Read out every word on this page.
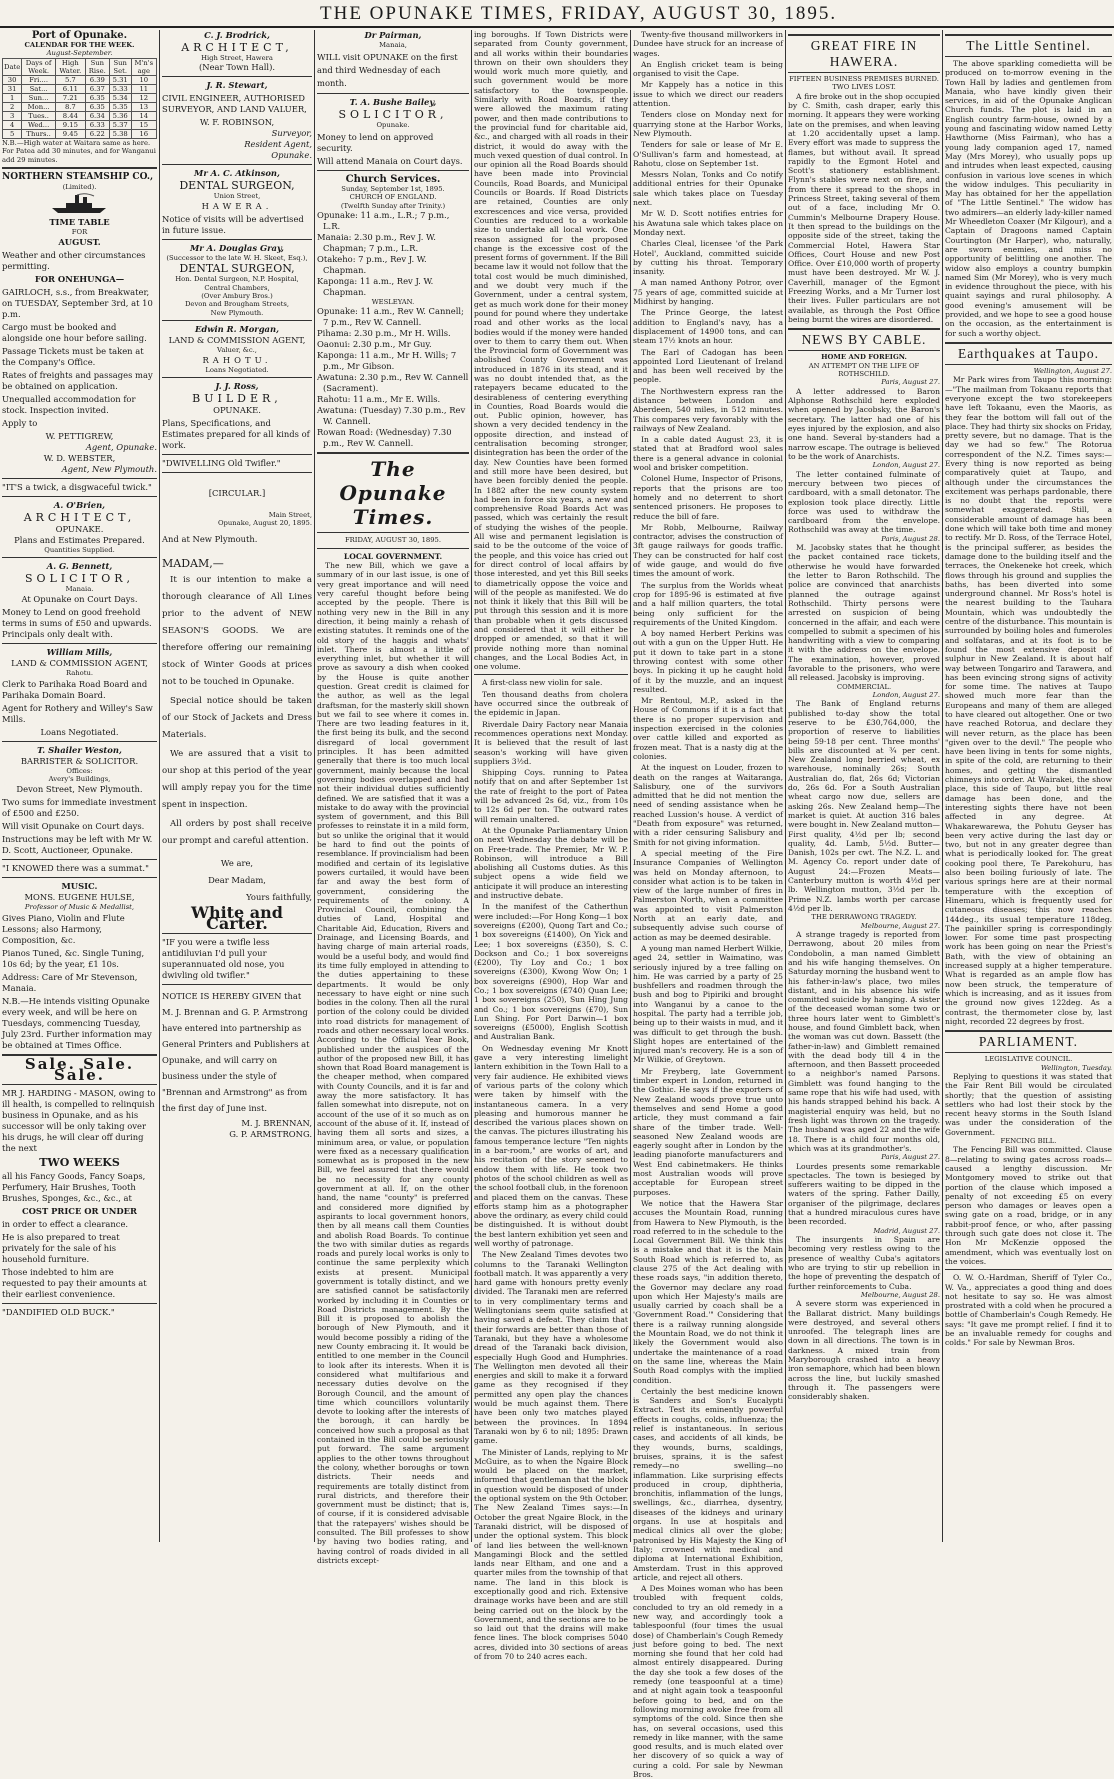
THE OPUNAKE TIMES, FRIDAY, AUGUST 30, 1895.
Port of Opunake.
CALENDAR FOR THE WEEK.
August-September.
Date	Days of Week.	High Water.	Sun Rise.	Sun Set.	M'n's age
30	Fri....	5.7	6.39	5.31	10
31	Sat...	6.11	6.37	5.33	11
1	Sun...	7.21	6.35	5.34	12
2	Mon...	8.7	6.35	5.35	13
3	Tues..	8.44	6.34	5.36	14
4	Wed...	9.15	6.33	5.37	15
5	Thurs..	9.45	6.22	5.38	16
N.B.—High water at Waitara same as here. For Patea add 30 minutes, and for Wanganui add 29 minutes.
NORTHERN STEAMSHIP CO.,
(Limited).
TIME TABLE
FOR
AUGUST.

Weather and other circumstances permitting.

FOR ONEHUNGA—

GAIRLOCH, s.s., from Breakwater, on TUESDAY, September 3rd, at 10 p.m.

Cargo must be booked and alongside one hour before sailing.

Passage Tickets must be taken at the Company's Office.

Rates of freights and passages may be obtained on application.

Unequalled accommodation for stock. Inspection invited.

Apply to

W. PETTIGREW,
Agent, Opunake.
W. D. WEBSTER,
Agent, New Plymouth.

"IT'S a twick, a disgwaceful twick."

A. O'Brien,
ARCHITECT,
OPUNAKE.
Plans and Estimates Prepared.
Quantities Supplied.
A. G. Bennett,
SOLICITOR,
Manaia.
At Opunake on Court Days.

Money to Lend on good freehold terms in sums of £50 and upwards. Principals only dealt with.

William Mills,
LAND & COMMISSION AGENT,
Rahotu.

Clerk to Parihaka Road Board and Parihaka Domain Board.

Agent for Rothery and Willey's Saw Mills.

Loans Negotiated.
T. Shailer Weston,
BARRISTER & SOLICITOR.
Offices:
Avery's Buildings,
Devon Street, New Plymouth.

Two sums for immediate investment of £500 and £250.

Will visit Opunake on Court days.

Instructions may be left with Mr W. D. Scott, Auctioneer, Opunake.

"I KNOWED there was a summat."

MUSIC.
MONS. EUGENE HULSE,
Professor of Music & Medallist,

Gives Piano, Violin and Flute Lessons; also Harmony, Composition, &c.

Pianos Tuned, &c. Single Tuning, 10s 6d; by the year, £1 10s.

Address: Care of Mr Stevenson, Manaia.

N.B.—He intends visiting Opunake every week, and will be here on Tuesdays, commencing Tuesday, July 23rd. Further information may be obtained at Times Office.

Sale. Sale. Sale.

MR J. HARDING - MASON, owing to ill health, is compelled to relinquish business in Opunake, and as his successor will be only taking over his drugs, he will clear off during the next

TWO WEEKS

all his Fancy Goods, Fancy Soaps, Perfumery, Hair Brushes, Tooth Brushes, Sponges, &c., &c., at

COST PRICE OR UNDER

in order to effect a clearance.

He is also prepared to treat privately for the sale of his household furniture.

Those indebted to him are requested to pay their amounts at their earliest convenience.

"DANDIFIED OLD BUCK."

C. J. Brodrick,
ARCHITECT,
High Street, Hawera
(Near Town Hall).
J. R. Stewart,

CIVIL ENGINEER, AUTHORISED SURVEYOR, AND LAND VALUER,

W. F. ROBINSON,
Surveyor,
Resident Agent,
Opunake.
Mr A. C. Atkinson,
DENTAL SURGEON,
Union Street,
HAWERA.

Notice of visits will be advertised in future issue.

Mr A. Douglas Gray,
(Successor to the late W. H. Skeet, Esq.),
DENTAL SURGEON,
Hon. Dental Surgeon, N.P. Hospital,
Central Chambers,
(Over Ambury Bros.)
Devon and Brougham Streets,
New Plymouth.
Edwin R. Morgan,
LAND & COMMISSION AGENT,
Valuer, &c.,
RAHOTU.
Loans Negotiated.
J. J. Ross,
BUILDER,
OPUNAKE.

Plans, Specifications, and Estimates prepared for all kinds of work.

"DWIVELLING Old Twifler."

[CIRCULAR.]
Main Street,
Opunake, August 20, 1895.
And at New Plymouth.
MADAM,—

It is our intention to make a thorough clearance of All Lines prior to the advent of NEW SEASON'S GOODS. We are therefore offering our remaining stock of Winter Goods at prices not to be touched in Opunake.

Special notice should be taken of our Stock of Jackets and Dress Materials.

We are assured that a visit to our shop at this period of the year will amply repay you for the time spent in inspection.

All orders by post shall receive our prompt and careful attention.

We are,
Dear Madam,
Yours faithfully,
White and Carter.

"IF you were a twifle less antidiluvian I'd pull your superannuated old nose, you dwivling old twifler."

NOTICE IS HEREBY GIVEN that M. J. Brennan and G. P. Armstrong have entered into partnership as General Printers and Publishers at Opunake, and will carry on business under the style of "Brennan and Armstrong" as from the first day of June inst.

M. J. BRENNAN,
G. P. ARMSTRONG.
Dr Pairman,
Manaia,

WILL visit OPUNAKE on the first and third Wednesday of each month.

T. A. Bushe Bailey,
SOLICITOR,
Opunake.

Money to lend on approved security.

Will attend Manaia on Court days.

Church Services.
Sunday, September 1st, 1895.
CHURCH OF ENGLAND.
(Twelfth Sunday after Trinity.)
Opunake: 11 a.m., L.R.; 7 p.m., L.R.
Manaia: 2.30 p.m., Rev J. W. Chapman; 7 p.m., L.R.
Otakeho: 7 p.m., Rev J. W. Chapman.
Kaponga: 11 a.m., Rev J. W. Chapman.
WESLEYAN.
Opunake: 11 a.m., Rev W. Cannell; 7 p.m., Rev W. Cannell.
Pihama: 2.30 p.m., Mr H. Wills.
Oaonui: 2.30 p.m., Mr Guy.
Kaponga: 11 a.m., Mr H. Wills; 7 p.m., Mr Gibson.
Awatuna: 2.30 p.m., Rev W. Cannell (Sacrament).
Rahotu: 11 a.m., Mr E. Wills.
Awatuna: (Tuesday) 7.30 p.m., Rev W. Cannell.
Rowan Road: (Wednesday) 7.30 p.m., Rev W. Cannell.
The Opunake Times.
FRIDAY, AUGUST 30, 1895.
LOCAL GOVERNMENT.

The new Bill, which we gave a summary of in our last issue, is one of very great importance and will need very careful thought before being accepted by the people. There is nothing very new in the Bill in any direction, it being mainly a rehash of existing statutes. It reminds one of the old story of the haggis and whats' inlet. There is almost a little of everything inlet, but whether it will prove as savoury a dish when cooked by the House is quite another question. Great credit is claimed for the author, as well as the legal draftsman, for the masterly skill shown but we fail to see where it comes in. There are two leading features in it, the first being its bulk, and the second disregard of local government principles. It has been admitted generally that there is too much local government, mainly because the local governing bodies overlapped and had not their individual duties sufficiently defined. We are satisfied that it was a mistake to do away with the provincial system of government, and this Bill professes to reinstate it in a mild form, but so unlike the original that it would be hard to find out the points of resemblance. If provincialism had been modified and certain of its legislative powers curtailed, it would have been far and away the best form of government, considering the requirements of the colony. A Provincial Council, combining the duties of Land, Hospital and Charitable Aid, Education, Rivers and Drainage, and Licensing Boards, and having charge of main arterial roads, would be a useful body, and would find its time fully employed in attending to the duties appertaining to these departments. It would be only necessary to have eight or nine such bodies in the colony. Then all the rural portion of the colony could be divided into road districts for management of roads and other necessary local works. According to the Official Year Book, published under the auspices of the author of the proposed new Bill, it has shown that Road Board management is the cheaper method, when compared with County Councils, and it is far and away the more satisfactory. It has fallen somewhat into disrepute, not on account of the use of it so much as on account of the abuse of it. If, instead of having them all sorts and sizes, a minimum area, or value, or population were fixed as a necessary qualification somewhat as is proposed in the new Bill, we feel assured that there would be no necessity for any county government at all. If, on the other hand, the name "county" is preferred and considered more dignified by aspirants to local government honors, then by all means call them Counties and abolish Road Boards. To continue the two with similar duties as regards roads and purely local works is only to continue the same perplexity which exists at present. Municipal government is totally distinct, and we are satisfied cannot be satisfactorily worked by including it in Counties or Road Districts management. By the Bill it is proposed to abolish the borough of New Plymouth, and it would become possibly a riding of the new County embracing it. It would be entitled to one member in the Council to look after its interests. When it is considered what multifarious and necessary duties devolve on the Borough Council, and the amount of time which councillors voluntarily devote to looking after the interests of the borough, it can hardly be conceived how such a proposal as that contained in the Bill could be seriously put forward. The same argument applies to the other towns throughout the colony, whether boroughs or town districts. Their needs and requirements are totally distinct from rural districts, and therefore their government must be distinct; that is, of course, if it is considered advisable that the ratepayers' wishes should be consulted. The Bill professes to show by having two bodies rating, and having control of roads divided in all districts except-

ing boroughs. If Town Districts were separated from County government, and all works within their boundaries thrown on their own shoulders they would work much more quietly, and such government would be more satisfactory to the townspeople. Similarly with Road Boards, if they were allowed the maximum rating power, and then made contributions to the provincial fund for charitable aid, &c., and charged with all roads in their district, it would do away with the much vexed question of dual control. In our opinion all the Road Boards should have been made into Provincial Councils, Road Boards, and Municipal Councils or Boards. If Road Districts are retained, Counties are only excrescences and vice versa, provided Counties are reduced to a workable size to undertake all local work. One reason assigned for the proposed change is the excessive cost of the present forms of government. If the Bill became law it would not follow that the total cost would be much diminished, and we doubt very much if the Government, under a central system, get as much work done for their money pound for pound where they undertake road and other works as the local bodies would if the money were handed over to them to carry them out. When the Provincial form of Government was abolished County Government was introduced in 1876 in its stead, and it was no doubt intended that, as the ratepayers became educated to the desirableness of centering everything in Counties, Road Boards would die out. Public opinion, however, has shown a very decided tendency in the opposite direction, and instead of centralisation becoming stronger, disintegration has been the order of the day. New Counties have been formed and still more have been desired, but have been forcibly denied the people. In 1882 after the new county system had been in force six years, a new and comprehensive Road Boards Act was passed, which was certainly the result of studying the wishes of the people. All wise and permanent legislation is said to be the outcome of the voice of the people, and this voice has cried out for direct control of local affairs by those interested, and yet this Bill seeks to diametrically oppose the voice and will of the people as manifested. We do not think it likely that this Bill will be put through this session and it is more than probable when it gets discussed and considered that it will either be dropped or amended, so that it will provide nothing more than nominal changes, and the Local Bodies Act, in one volume.

A first-class new violin for sale.

Ten thousand deaths from cholera have occurred since the outbreak of the epidemic in Japan.

Riverdale Dairy Factory near Manaia recommences operations next Monday. It is believed that the result of last season's working will have given suppliers 3½d.

Shipping Coys. running to Patea notify that on and after September 1st the rate of freight to the port of Patea will be advanced 2s 6d, viz., from 10s to 12s 6d per ton. The outward rates will remain unaltered.

At the Opunake Parliamentary Union on next Wednesday the debate will be on Free-trade. The Premier, Mr W. P. Robinson, will introduce a Bill abolishing all Customs duties. As this subject opens a wide field we anticipate it will produce an interesting and instructive debate.

In the manifest of the Catherthun were included:—For Hong Kong—1 box sovereigns (£200), Quong Tart and Co.; 1 box sovereigns (£1400), On Yick and Lee; 1 box sovereigns (£350), S. C. Dockson and Co.; 1 box sovereigns (£200), Tiy Loy and Co.; 1 box sovereigns (£300), Kwong Wow On; 1 box sovereigns (£900), Hop War and Co.; 1 box sovereigns (£740) Quan Lee; 1 box sovereigns (250), Sun Hing Jung and Co.; 1 box sovereigns (£70), Sun Lun Shing. For Port Darwin—1 box sovereigns (£5000), English Scottish and Australian Bank.

On Wednesday evening Mr Knott gave a very interesting limelight lantern exhibition in the Town Hall to a very fair audience. He exhibited views of various parts of the colony which were taken by himself with the instantaneous camera. In a very pleasing and humorous manner he described the various places shown on the canvas. The pictures illustrating his famous temperance lecture "Ten nights in a bar-room," are works of art, and his recitation of the story seemed to endow them with life. He took two photos of the school children as well as the school football club, in the forenoon and placed them on the canvas. These efforts stamp him as a photographer above the ordinary, as every child could be distinguished. It is without doubt the best lantern exhibition yet seen and well worthy of patronage.

The New Zealand Times devotes two columns to the Taranaki Wellington football match. It was apparently a very hard game with honours pretty evenly divided. The Taranaki men are referred to in very complimentary terms and Wellingtonians seem quite satisfied at having saved a defeat. They claim that their forwards are better than those of Taranaki, but they have a wholesome dread of the Taranaki back division, especially Hugh Good and Humphries. The Wellington men devoted all their energies and skill to make it a forward game as they recognised if they permitted any open play the chances would be much against them. There have been only two matches played between the provinces. In 1894 Taranaki won by 6 to nil; 1895: Drawn game.

The Minister of Lands, replying to Mr McGuire, as to when the Ngaire Block would be placed on the market, informed that gentleman that the block in question would be disposed of under the optional system on the 9th October. The New Zealand Times says:—In October the great Ngaire Block, in the Taranaki district, will be disposed of under the optional system. This block of land lies between the well-known Mangamingi Block and the settled lands near Eltham, and one and a quarter miles from the township of that name. The land in this block is exceptionally good and rich. Extensive drainage works have been and are still being carried out on the block by the Government, and the sections are to be so laid out that the drains will make fence lines. The block comprises 5040 acres, divided into 30 sections of areas of from 70 to 240 acres each.

Twenty-five thousand millworkers in Dundee have struck for an increase of wages.

An English cricket team is being organised to visit the Cape.

Mr Kappely has a notice in this issue to which we direct our readers attention.

Tenders close on Monday next for quarrying stone at the Harbor Works, New Plymouth.

Tenders for sale or lease of Mr E. O'Sullivan's farm and homestead, at Rahotu, close on September 1st.

Messrs Nolan, Tonks and Co notify additional entries for their Opunake sale which takes place on Tuesday next.

Mr W. D. Scott notifies entries for his Awatuna sale which takes place on Monday next.

Charles Cleal, licensee 'of the Park Hotel', Auckland, committed suicide by cutting his throat. Temporary insanity.

A man named Anthony Potror, over 75 years of age, committed suicide at Midhirst by hanging.

The Prince George, the latest addition to England's navy, has a displacement of 14900 tons, and can steam 17½ knots an hour.

The Earl of Cadogan has been appointed Lord Lieutenant of Ireland and has been well received by the people.

The Northwestern express ran the distance between London and Aberdeen, 540 miles, in 512 minutes. This compares very favorably with the railways of New Zealand.

In a cable dated August 23, it is stated that at Bradford wool sales there is a general advance in colonial wool and brisker competition.

Colonel Hume, Inspector of Prisons, reports that the prisons are too homely and no deterrent to short sentenced prisoners. He proposes to reduce the bill of fare.

Mr Robb, Melbourne, Railway contractor, advises the construction of 3ft gauge railways for goods traffic. They can be constructed for half cost of wide gauge, and would do five times the amount of work.

The surplus from the Worlds wheat crop for 1895-96 is estimated at five and a half million quarters, the total being only sufficient for the requirements of the United Kingdom.

A boy named Herbert Perkins was out with a gun on the Upper Hutt. He put it down to take part in a stone throwing contest with some other boys. In picking it up he caught hold of it by the muzzle, and an inquest resulted.

Mr Rentoul, M.P., asked in the House of Commons if it is a fact that there is no proper supervision and inspection exercised in the colonies over cattle killed and exported as frozen meat. That is a nasty dig at the colonies.

At the inquest on Louder, frozen to death on the ranges at Waitaranga, Salisbury, one of the survivors admitted that he did not mention the need of sending assistance when he reached Lussion's house. A verdict of "Death from exposure" was returned, with a rider censuring Salisbury and Smith for not giving information.

A special meeting of the Fire Insurance Companies of Wellington was held on Monday afternoon, to consider what action is to be taken in view of the large number of fires in Palmerston North, when a committee was appointed to visit Palmerston North at an early date, and subsequently advise such course of action as may be deemed desirable.

A young man named Herbert Wilkie, aged 24, settler in Waimatino, was seriously injured by a tree falling on him. He was carried by a party of 25 bushfellers and roadmen through the bush and bog to Pipiriki and brought into Wanganui by a canoe to the hospital. The party had a terrible job, being up to their waists in mud, and it was difficult to get through the bush. Slight hopes are entertained of the injured man's recovery. He is a son of Mr Wilkie, of Greytown.

Mr Freyberg, late Government timber expert in London, returned in the Gothic. He says if the exporters of New Zealand woods prove true unto themselves and send Home a good article, they must command a fair share of the timber trade. Well-seasoned New Zealand woods are eagerly sought after in London by the leading pianoforte manufacturers and West End cabinetmakers. He thinks most Australian woods will prove acceptable for European street purposes.

We notice that the Hawera Star accuses the Mountain Road, running from Hawera to New Plymouth, is the road referred to in the schedule to the Local Government Bill. We think this is a mistake and that it is the Main South Road which is referred to, as clause 275 of the Act dealing with these roads says, "in addition thereto, the Governor may declare any road upon which Her Majesty's mails are usually carried by coach shall be a 'Government Road.'" Considering that there is a railway running alongside the Mountain Road, we do not think it likely the Government would also undertake the maintenance of a road on the same line, whereas the Main South Road complys with the implied condition.

Certainly the best medicine known is Sanders and Son's Eucalypti Extract. Test its eminently powerful effects in coughs, colds, influenza; the relief is instantaneous. In serious cases, and accidents of all kinds, be they wounds, burns, scaldings, bruises, sprains, it is the safest remedy—no swelling—no inflammation. Like surprising effects produced in croup, diphtheria, bronchitis, inflammation of the lungs, swellings, &c., diarrhea, dysentry, diseases of the kidneys and urinary organs. In use at hospitals and medical clinics all over the globe; patronised by His Majesty the King of Italy; crowned with medical and diploma at International Exhibition, Amsterdam. Trust in this approved article, and reject all others.

A Des Moines woman who has been troubled with frequent colds, concluded to try an old remedy in a new way, and accordingly took a tablespoonful (four times the usual dose) of Chamberlain's Cough Remedy just before going to bed. The next morning she found that her cold had almost entirely disappeared. During the day she took a few doses of the remedy (one teaspoonful at a time) and at night again took a teaspoonful before going to bed, and on the following morning awoke free from all symptoms of the cold. Since then she has, on several occasions, used this remedy in like manner, with the same good results, and is much elated over her discovery of so quick a way of curing a cold. For sale by Newman Bros.

GREAT FIRE IN HAWERA.
FIFTEEN BUSINESS PREMISES BURNED.
TWO LIVES LOST.

A fire broke out in the shop occupied by C. Smith, cash draper, early this morning. It appears they were working late on the premises, and when leaving at 1.20 accidentally upset a lamp. Every effort was made to suppress the flames, but without avail. It spread rapidly to the Egmont Hotel and Scott's stationery establishment. Flynn's stables were next on fire, and from there it spread to the shops in Princess Street, taking several of them out of a face, including Mr O. Cummin's Melbourne Drapery House. It then spread to the buildings on the opposite side of the street, taking the Commercial Hotel, Hawera Star Offices, Court House and new Post Office. Over £10,000 worth of property must have been destroyed. Mr W. J. Caverhill, manager of the Egmont Freezing Works, and a Mr Turner lost their lives. Fuller particulars are not available, as through the Post Office being burnt the wires are disordered.

NEWS BY CABLE.
HOME AND FOREIGN.
AN ATTEMPT ON THE LIFE OF ROTHSCHILD.
Paris, August 27.

A letter addressed to Baron Alphonse Rothschild here exploded when opened by Jacobsky, the Baron's secretary. The latter had one of his eyes injured by the explosion, and also one hand. Several by-standers had a narrow escape. The outrage is believed to be the work of Anarchists.

London, August 27.

The letter contained fulminate of mercury between two pieces of cardboard, with a small detonator. The explosion took place directly. Little force was used to withdraw the cardboard from the envelope. Rothschild was away at the time.

Paris, August 28.

M. Jacobsky states that he thought the packet contained race tickets, otherwise he would have forwarded the letter to Baron Rothschild. The police are convinced that anarchists planned the outrage against Rothschild. Thirty persons were arrested on suspicion of being concerned in the affair, and each were compelled to submit a specimen of his handwriting with a view to comparing it with the address on the envelope. The examination, however, proved favorable to the prisoners, who were all released. Jacobsky is improving.

COMMERCIAL.
London, August 27.

The Bank of England returns published to-day show the total reserve to be £30,764,000, the proportion of reserve to liabilities being 59·18 per cent. Three months' bills are discounted at ¾ per cent. New Zealand long berried wheat, ex warehouse, nominally 26s; South Australian do, flat, 26s 6d; Victorian do, 26s 6d. For a South Australian wheat cargo now due, sellers are asking 26s. New Zealand hemp—The market is quiet. At auction 316 bales were bought in. New Zealand mutton—First quality, 4½d per lb; second quality, 4d. Lamb, 5½d. Butter—Danish, 102s per cwt. The N.Z. L. and M. Agency Co. report under date of August 24:—Frozen Meats—Canterbury mutton is worth 4½d per lb. Wellington mutton, 3½d per lb. Prime N.Z. lambs worth per carcase 4½d per lb.

THE DERRAWONG TRAGEDY.
Melbourne, August 27.

A strange tragedy is reported from Derrawong, about 20 miles from Condobolin, a man named Gimblett and his wife hanging themselves. On Saturday morning the husband went to his father-in-law's place, two miles distant, and in his absence his wife committed suicide by hanging. A sister of the deceased woman some two or three hours later went to Gimblett's house, and found Gimblett back, when the woman was cut down. Bassett (the father-in-law) and Gimblett remained with the dead body till 4 in the afternoon, and then Bassett proceeded to a neighbor's named Parsons. Gimblett was found hanging to the same rope that his wife had used, with his hands strapped behind his back. A magisterial enquiry was held, but no fresh light was thrown on the tragedy. The husband was aged 22 and the wife 18. There is a child four months old, which was at its grandmother's.

Paris, August 27.

Lourdes presents some remarkable spectacles. The town is besieged by sufferers waiting to be dipped in the waters of the spring. Father Dailly, organiser of the pilgrimage, declares that a hundred miraculous cures have been recorded.

Madrid, August 27.

The insurgents in Spain are becoming very restless owing to the presence of wealthy Cuba's agitators who are trying to stir up rebellion in the hope of preventing the despatch of further reinforcements to Cuba.

Melbourne, August 28.

A severe storm was experienced in the Ballarat district. Many buildings were destroyed, and several others unroofed. The telegraph lines are down in all directions. The town is in darkness. A mixed train from Maryborough crashed into a heavy iron semaphore, which had been blown across the line, but luckily smashed through it. The passengers were considerably shaken.

The Little Sentinel.

The above sparkling comedietta will be produced on to-morrow evening in the Town Hall by ladies and gentlemen from Manaia, who have kindly given their services, in aid of the Opunake Anglican Church funds. The plot is laid in an English country farm-house, owned by a young and fascinating widow named Letty Hawthorne (Miss Fairman), who has a young lady companion aged 17, named May (Mrs Morey), who usually pops up and intrudes when least expected, causing confusion in various love scenes in which the widow indulges. This peculiarity in May has obtained for her the appellation of "The Little Sentinel." The widow has two admirers—an elderly lady-killer named Mr Wheedleton Coaxer (Mr Kilgour), and a Captain of Dragoons named Captain Courtington (Mr Harper), who, naturally, are sworn enemies, and miss no opportunity of belittling one another. The widow also employs a country bumpkin named Sim (Mr Morey), who is very much in evidence throughout the piece, with his quaint sayings and rural philosophy. A good evening's amusement will be provided, and we hope to see a good house on the occasion, as the entertainment is for such a worthy object.

Earthquakes at Taupo.
Wellington, August 27.

Mr Park wires from Taupo this morning:—"The mailman from Tokaanu reports that everyone except the two storekeepers have left Tokaanu, even the Maoris, as they fear the bottom will fall out of the place. They had thirty six shocks on Friday, pretty severe, but no damage. That is the day we had so few." The Rotorua correspondent of the N.Z. Times says:—Every thing is now reported as being comparatively quiet at Taupo, and although under the circumstances the excitement was perhaps pardonable, there is no doubt that the reports were somewhat exaggerated. Still, a considerable amount of damage has been done which will take both time and money to rectify. Mr D. Ross, of the Terrace Hotel, is the principal sufferer, as besides the damage done to the building itself and the terraces, the Onekeneke hot creek, which flows through his ground and supplies the baths, has been diverted into some underground channel. Mr Ross's hotel is the nearest building to the Tauhara Mountain, which was undoubtedly the centre of the disturbance. This mountain is surrounded by boiling holes and fumeroles and solfataras, and at its foot is to be found the most extensive deposit of sulphur in New Zealand. It is about half way between Tongariro and Tarawera, and has been evincing strong signs of activity for some time. The natives at Taupo showed much more fear than the Europeans and many of them are alleged to have cleared out altogether. One or two have reached Rotorua, and declare they will never return, as the place has been "given over to the devil." The people who have been living in tents for some nights, in spite of the cold, are returning to their homes, and getting the dismantled chimneys into order. At Wairakei, the show place, this side of Taupo, but little real damage has been done, and the interesting sights there have not been affected in any degree. At Whakarewarewa, the Pohutu Geyser has been very active during the last day or two, but not in any greater degree than what is periodically looked for. The great cooking pool there, Te Parekohuru, has also been boiling furiously of late. The various springs here are at their normal temperature with the exception of Hinemaru, which is frequently used for cutaneous diseases; this now reaches 144deg., its usual temperature 118deg. The painkiller spring is correspondingly lower. For some time past prospecting work has been going on near the Priest's Bath, with the view of obtaining an increased supply at a higher temperature. What is regarded as an ample flow has now been struck, the temperature of which is increasing, and as it issues from the ground now gives 122deg. As a contrast, the thermometer close by, last night, recorded 22 degrees by frost.

PARLIAMENT.
LEGISLATIVE COUNCIL.
Wellington, Tuesday.

Replying to questions it was stated that the Fair Rent Bill would be circulated shortly; that the question of assisting settlers who had lost their stock by the recent heavy storms in the South Island was under the consideration of the Government.

FENCING BILL.

The Fencing Bill was committed. Clause 8—relating to swing gates across roads—caused a lengthy discussion. Mr Montgomery moved to strike out that portion of the clause which imposed a penalty of not exceeding £5 on every person who damages or leaves open a swing gate on a road, bridge, or in any rabbit-proof fence, or who, after passing through such gate does not close it. The Hon Mr McKenzie opposed the amendment, which was eventually lost on the voices.

O. W. O.-Hardman, Sheriff of Tyler Co., W. Va., appreciates a good thing and does not hesitate to say so. He was almost prostrated with a cold when he procured a bottle of Chamberlain's Cough Remedy. He says: "It gave me prompt relief. I find it to be an invaluable remedy for coughs and colds." For sale by Newman Bros.
